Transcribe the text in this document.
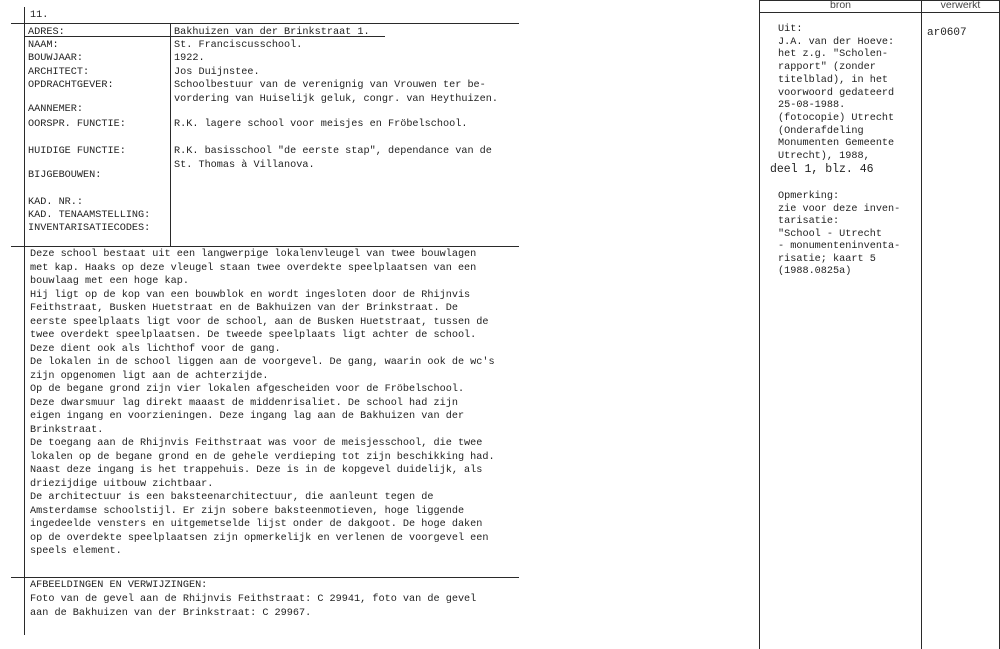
11.
ADRES:	Bakhuizen van der Brinkstraat 1.
NAAM:	St. Franciscusschool.
BOUWJAAR:	1922.
ARCHITECT:	Jos Duijnstee.
OPDRACHTGEVER:	Schoolbestuur van de verenignig van Vrouwen ter be-
vordering van Huiselijk geluk, congr. van Heythuizen.
AANNEMER:
OORSPR. FUNCTIE:	R.K. lagere school voor meisjes en Fröbelschool.
HUIDIGE FUNCTIE:	R.K. basisschool "de eerste stap", dependance van de
St. Thomas à Villanova.
BIJGEBOUWEN:
KAD. NR.:
KAD. TENAAMSTELLING:
INVENTARISATIECODES:
Deze school bestaat uit een langwerpige lokalenvleugel van twee bouwlagen
met kap. Haaks op deze vleugel staan twee overdekte speelplaatsen van een
bouwlaag met een hoge kap.
Hij ligt op de kop van een bouwblok en wordt ingesloten door de Rhijnvis
Feithstraat, Busken Huetstraat en de Bakhuizen van der Brinkstraat. De
eerste speelplaats ligt voor de school, aan de Busken Huetstraat, tussen de
twee overdekt speelplaatsen. De tweede speelplaats ligt achter de school.
Deze dient ook als lichthof voor de gang.
De lokalen in de school liggen aan de voorgevel. De gang, waarin ook de wc's
zijn opgenomen ligt aan de achterzijde.
Op de begane grond zijn vier lokalen afgescheiden voor de Fröbelschool.
Deze dwarsmuur lag direkt maaast de middenrisaliet. De school had zijn
eigen ingang en voorzieningen. Deze ingang lag aan de Bakhuizen van der
Brinkstraat.
De toegang aan de Rhijnvis Feithstraat was voor de meisjesschool, die twee
lokalen op de begane grond en de gehele verdieping tot zijn beschikking had.
Naast deze ingang is het trappehuis. Deze is in de kopgevel duidelijk, als
driezijdige uitbouw zichtbaar.
De architectuur is een baksteenarchitectuur, die aanleunt tegen de
Amsterdamse schoolstijl. Er zijn sobere baksteenmotieven, hoge liggende
ingedeelde vensters en uitgemetselde lijst onder de dakgoot. De hoge daken
op de overdekte speelplaatsen zijn opmerkelijk en verlenen de voorgevel een
speels element.
AFBEELDINGEN EN VERWIJZINGEN:
Foto van de gevel aan de Rhijnvis Feithstraat: C 29941, foto van de gevel
aan de Bakhuizen van der Brinkstraat: C 29967.
bron	verwerkt
Uit:
J.A. van der Hoeve:
het z.g. "Scholen-
rapport" (zonder
titelblad), in het
voorwoord gedateerd
25-08-1988.
(fotocopie) Utrecht
(Onderafdeling
Monumenten Gemeente
Utrecht), 1988,
deel 1, blz. 46
Opmerking:
zie voor deze inven-
tarisatie:
"School - Utrecht
- monumenteninventa-
risatie; kaart 5
(1988.0825a)
ar0607
